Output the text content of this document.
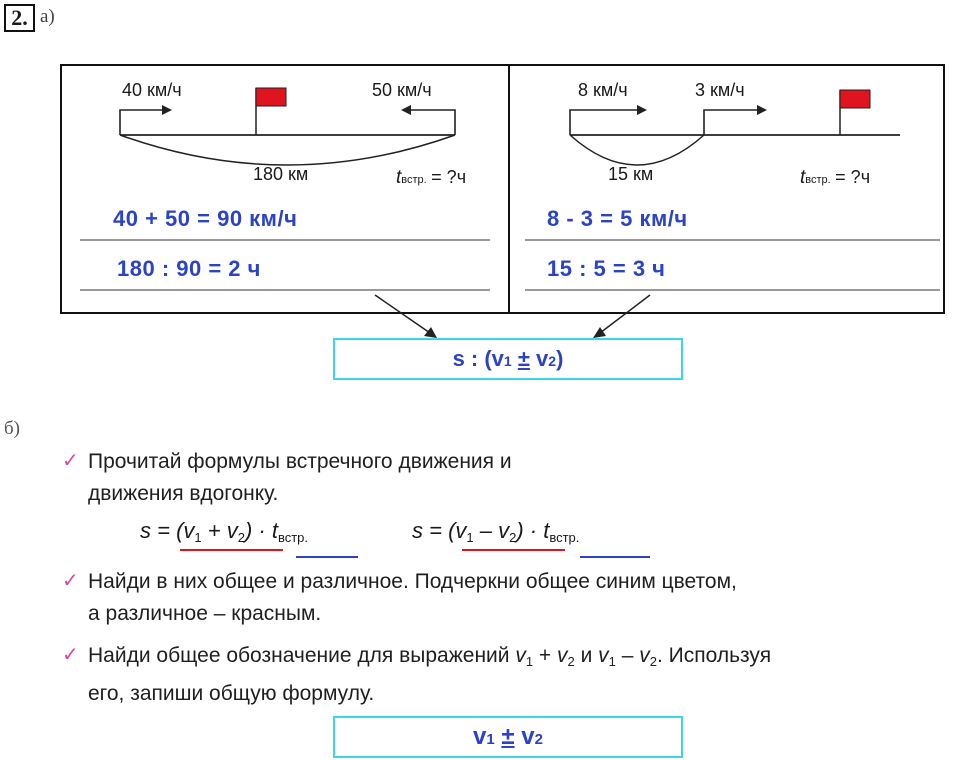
2. а)
40 км/ч	50 км/ч
180 км	tвстр. = ?ч
40 + 50 = 90 км/ч
180 : 90 = 2 ч
8 км/ч	3 км/ч
15 км	tвстр. = ?ч
8 - 3 = 5 км/ч
15 : 5 = 3 ч
s : (v1 ± v2)
б)
✓ Прочитай формулы встречного движения и
движения вдогонку.
$s = (v_1 + v_2) \cdot t_{встр.}$	$s = (v_1 - v_2) \cdot t_{встр.}$
✓ Найди в них общее и различное. Подчеркни общее синим цветом,
а различное – красным.
✓ Найди общее обозначение для выражений v1 + v2 и v1 – v2. Используя
его, запиши общую формулу.
v1 ± v2
